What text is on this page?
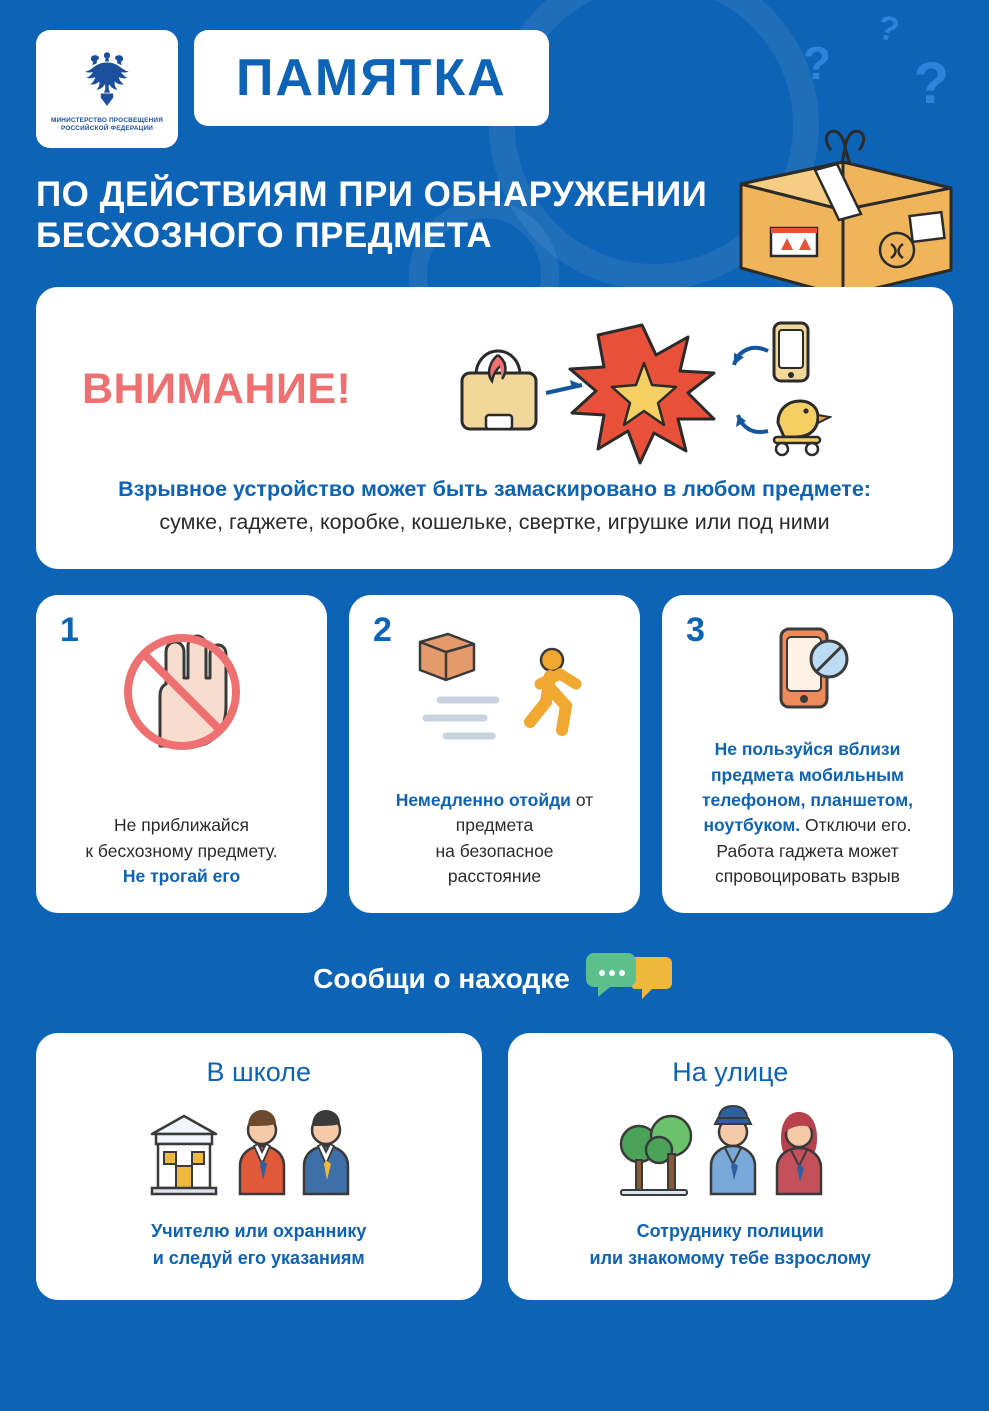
МИНИСТЕРСТВО ПРОСВЕЩЕНИЯ РОССИЙСКОЙ ФЕДЕРАЦИИ
ПАМЯТКА
ПО ДЕЙСТВИЯМ ПРИ ОБНАРУЖЕНИИ БЕСХОЗНОГО ПРЕДМЕТА
?
?
?
ВНИМАНИЕ!
Взрывное устройство может быть замаскировано в любом предмете:
сумке, гаджете, коробке, кошельке, свертке, игрушке или под ними
1
Не приближайся
к бесхозному предмету.
Не трогай его
2
Немедленно отойди от предмета
на безопасное
расстояние
3
Не пользуйся вблизи предмета мобильным телефоном, планшетом, ноутбуком. Отключи его.
Работа гаджета может
спровоцировать взрыв
Сообщи о находке
В школе
Учителю или охраннику
и следуй его указаниям
На улице
Сотруднику полиции
или знакомому тебе взрослому
